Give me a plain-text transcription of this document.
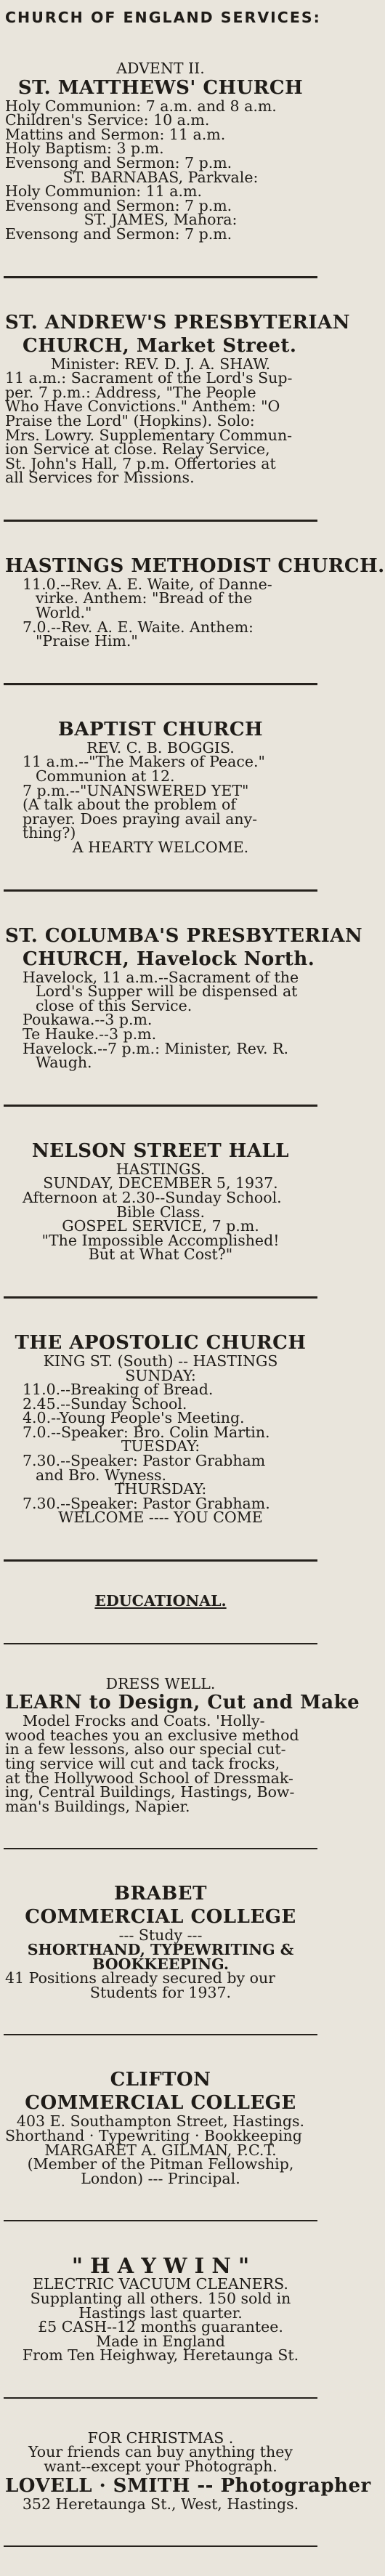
CHURCH OF ENGLAND SERVICES:
ADVENT II.
ST. MATTHEWS' CHURCH
Holy Communion: 7 a.m. and 8 a.m.
Children's Service: 10 a.m.
Mattins and Sermon: 11 a.m.
Holy Baptism: 3 p.m.
Evensong and Sermon: 7 p.m.
ST. BARNABAS, Parkvale:
Holy Communion: 11 a.m.
Evensong and Sermon: 7 p.m.
ST. JAMES, Mahora:
Evensong and Sermon: 7 p.m.
ST. ANDREW'S PRESBYTERIAN
CHURCH, Market Street.
Minister: REV. D. J. A. SHAW.
11 a.m.: Sacrament of the Lord's Sup-
per. 7 p.m.: Address, "The People
Who Have Convictions." Anthem: "O
Praise the Lord" (Hopkins). Solo:
Mrs. Lowry. Supplementary Commun-
ion Service at close. Relay Service,
St. John's Hall, 7 p.m. Offertories at
all Services for Missions.
HASTINGS METHODIST CHURCH.
11.0.--Rev. A. E. Waite, of Danne-
virke. Anthem: "Bread of the
World."
7.0.--Rev. A. E. Waite. Anthem:
"Praise Him."
BAPTIST CHURCH
REV. C. B. BOGGIS.
11 a.m.--"The Makers of Peace."
Communion at 12.
7 p.m.--"UNANSWERED YET"
(A talk about the problem of
prayer. Does praying avail any-
thing?)
A HEARTY WELCOME.
ST. COLUMBA'S PRESBYTERIAN
CHURCH, Havelock North.
Havelock, 11 a.m.--Sacrament of the
Lord's Supper will be dispensed at
close of this Service.
Poukawa.--3 p.m.
Te Hauke.--3 p.m.
Havelock.--7 p.m.: Minister, Rev. R.
Waugh.
NELSON STREET HALL
HASTINGS.
SUNDAY, DECEMBER 5, 1937.
Afternoon at 2.30--Sunday School.
Bible Class.
GOSPEL SERVICE, 7 p.m.
"The Impossible Accomplished!
But at What Cost?"
THE APOSTOLIC CHURCH
KING ST. (South) -- HASTINGS
SUNDAY:
11.0.--Breaking of Bread.
2.45.--Sunday School.
4.0.--Young People's Meeting.
7.0.--Speaker: Bro. Colin Martin.
TUESDAY:
7.30.--Speaker: Pastor Grabham
and Bro. Wyness.
THURSDAY:
7.30.--Speaker: Pastor Grabham.
WELCOME ---- YOU COME
EDUCATIONAL.
DRESS WELL.
LEARN to Design, Cut and Make
Model Frocks and Coats. 'Holly-
wood teaches you an exclusive method
in a few lessons, also our special cut-
ting service will cut and tack frocks,
at the Hollywood School of Dressmak-
ing, Central Buildings, Hastings, Bow-
man's Buildings, Napier.
BRABET
COMMERCIAL COLLEGE
--- Study ---
SHORTHAND, TYPEWRITING &
BOOKKEEPING.
41 Positions already secured by our
Students for 1937.
CLIFTON
COMMERCIAL COLLEGE
403 E. Southampton Street, Hastings.
Shorthand · Typewriting · Bookkeeping
MARGARET A. GILMAN, P.C.T.
(Member of the Pitman Fellowship,
London) --- Principal.
" H A Y W I N "
ELECTRIC VACUUM CLEANERS.
Supplanting all others. 150 sold in
Hastings last quarter.
£5 CASH--12 months guarantee.
Made in England
From Ten Heighway, Heretaunga St.
FOR CHRISTMAS .
Your friends can buy anything they
want--except your Photograph.
LOVELL · SMITH -- Photographer
352 Heretaunga St., West, Hastings.
